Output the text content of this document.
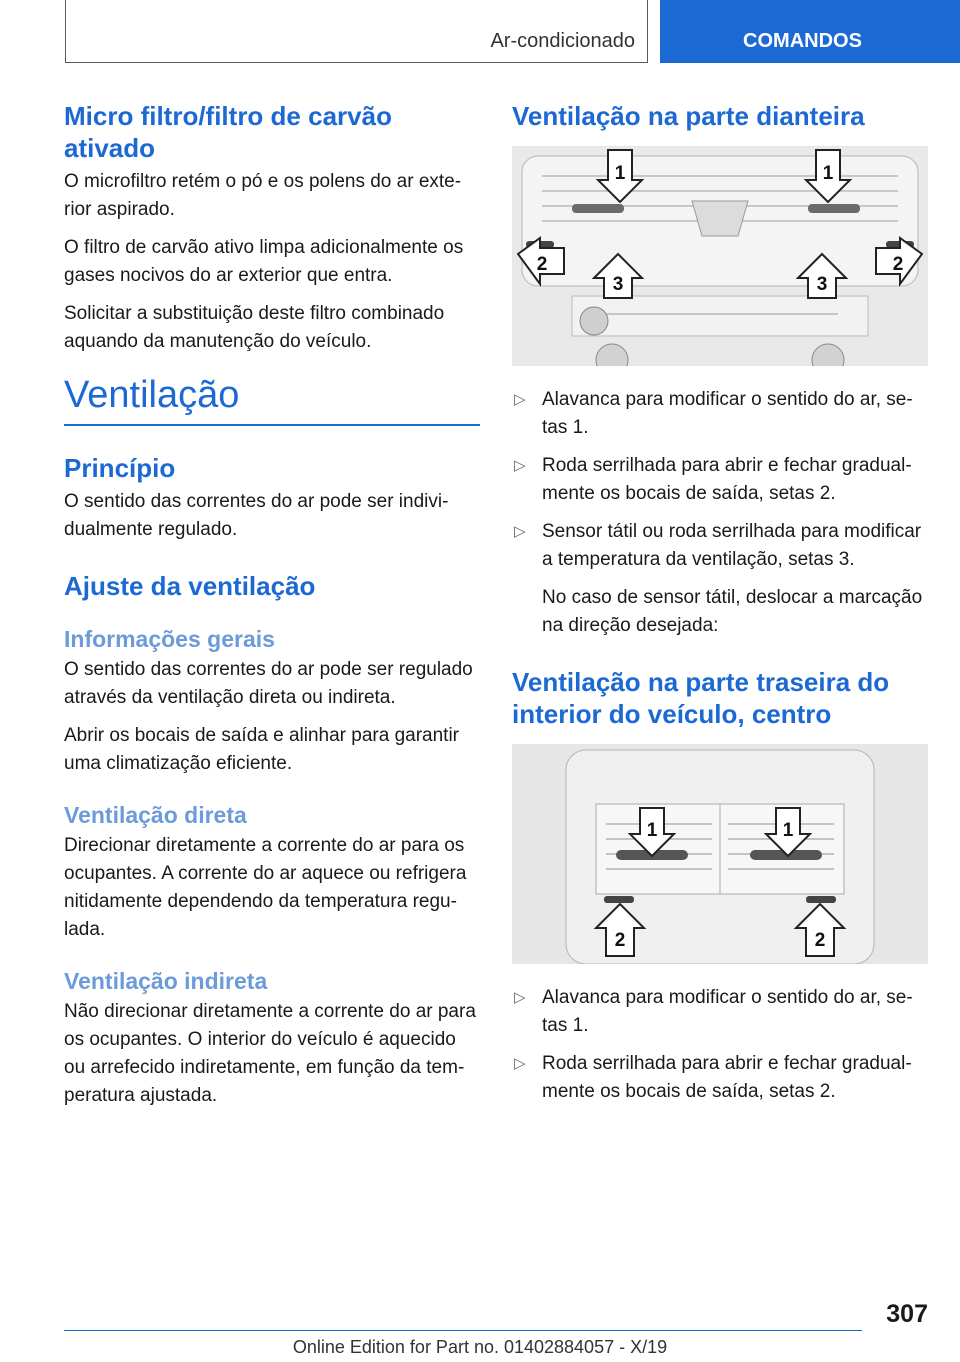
Ar-condicionado	COMANDOS
Micro filtro/filtro de carvão ativado

O microfiltro retém o pó e os polens do ar exte‐rior aspirado.

O filtro de carvão ativo limpa adicionalmente os gases nocivos do ar exterior que entra.

Solicitar a substituição deste filtro combinado aquando da manutenção do veículo.

Ventilação
Princípio

O sentido das correntes do ar pode ser indivi‐dualmente regulado.

Ajuste da ventilação
Informações gerais

O sentido das correntes do ar pode ser regulado através da ventilação direta ou indireta.

Abrir os bocais de saída e alinhar para garantir uma climatização eficiente.

Ventilação direta

Direcionar diretamente a corrente do ar para os ocupantes. A corrente do ar aquece ou refrigera nitidamente dependendo da temperatura regu‐lada.

Ventilação indireta

Não direcionar diretamente a corrente do ar para os ocupantes. O interior do veículo é aquecido ou arrefecido indiretamente, em função da tem‐peratura ajustada.

Ventilação na parte dianteira
1	1
2
3	3
2
▷ Alavanca para modificar o sentido do ar, se‐tas 1.
▷ Roda serrilhada para abrir e fechar gradual‐mente os bocais de saída, setas 2.
▷ Sensor tátil ou roda serrilhada para modificar a temperatura da ventilação, setas 3.

No caso de sensor tátil, deslocar a marcação na direção desejada:

Ventilação na parte traseira do interior do veículo, centro
1	1
2	2
▷ Alavanca para modificar o sentido do ar, se‐tas 1.
▷ Roda serrilhada para abrir e fechar gradual‐mente os bocais de saída, setas 2.
307
Online Edition for Part no. 01402884057 - X/19
